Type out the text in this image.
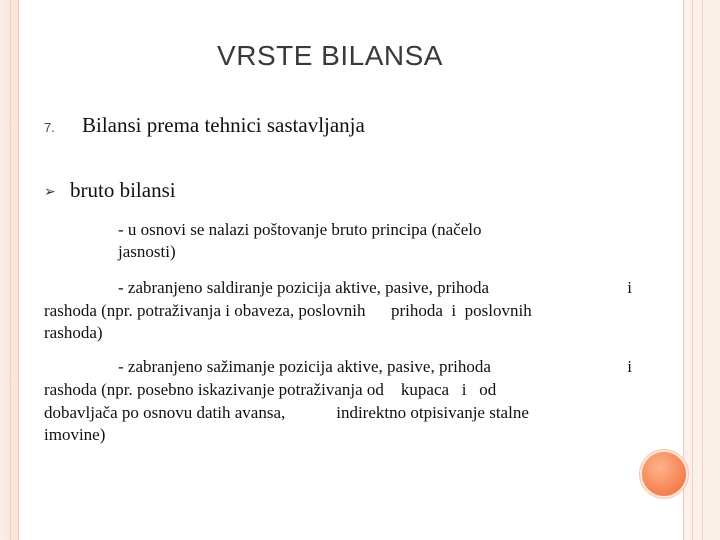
VRSTE BILANSA
7. Bilansi prema tehnici sastavljanja
➢ bruto bilansi
- u osnovi se nalazi poštovanje bruto principa (načelo
jasnosti)
- zabranjeno saldiranje pozicija aktive, pasive, prihoda	i
rashoda (npr. potraživanja i obaveza, poslovnih      prihoda  i  poslovnih
rashoda)
- zabranjeno sažimanje pozicija aktive, pasive, prihoda	i
rashoda (npr. posebno iskazivanje potraživanja od    kupaca   i   od
dobavljača po osnovu datih avansa,            indirektno otpisivanje stalne
imovine)
